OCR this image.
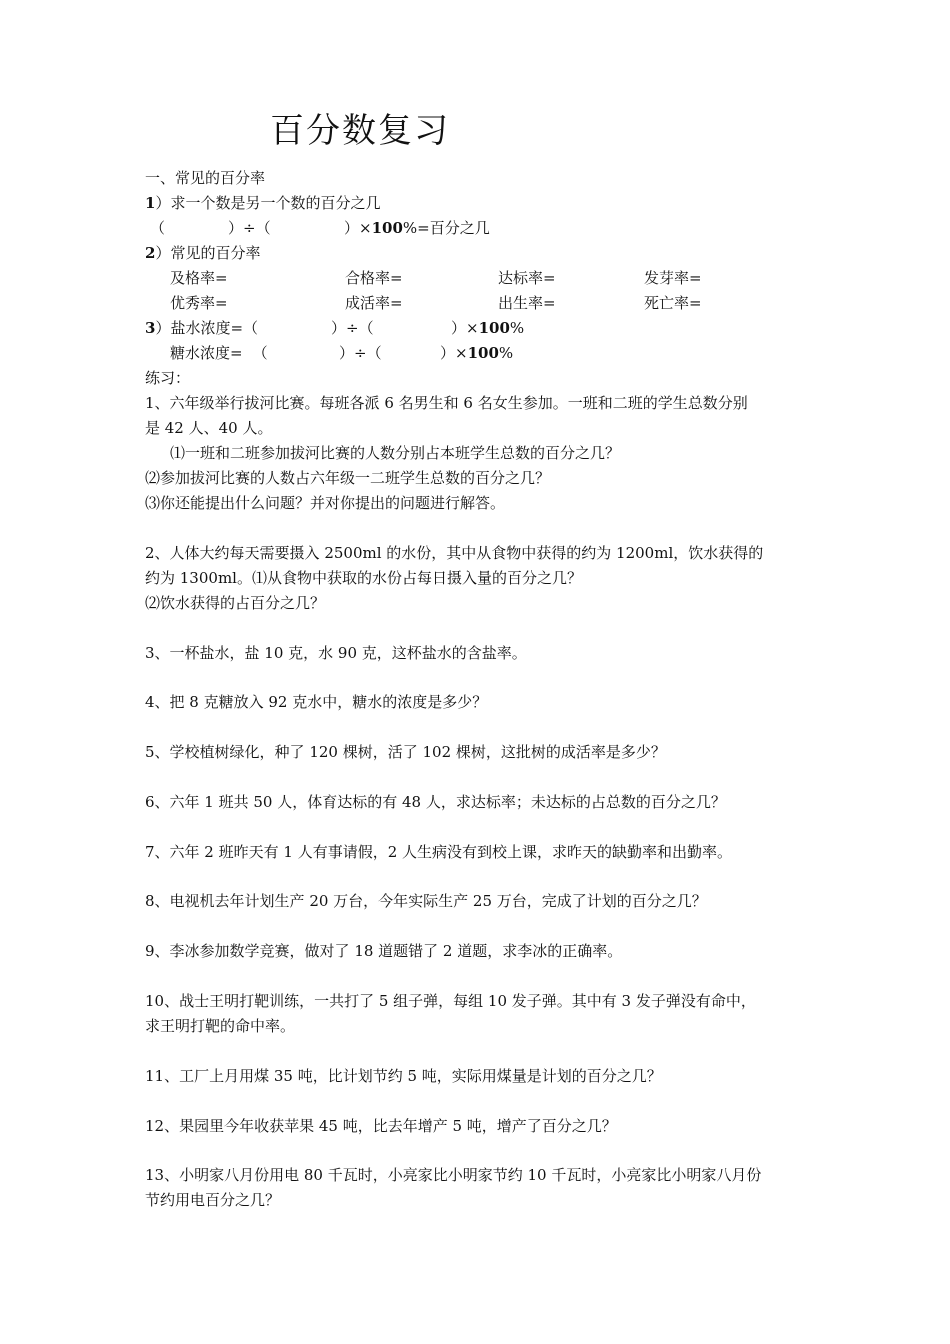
百分数复习
一、常见的百分率
1）求一个数是另一个数的百分之几
（	）÷（	）×100%=百分之几
2）常见的百分率
及格率=	合格率=	达标率=	发芽率=
优秀率=	成活率=	出生率=	死亡率=
3）盐水浓度=（	）÷（	）×100%
糖水浓度= （	）÷（	）×100%
练习：
1、六年级举行拔河比赛。每班各派 6 名男生和 6 名女生参加。一班和二班的学生总数分别
是 42 人、40 人。
⑴一班和二班参加拔河比赛的人数分别占本班学生总数的百分之几？
⑵参加拔河比赛的人数占六年级一二班学生总数的百分之几？
⑶你还能提出什么问题？并对你提出的问题进行解答。
2、人体大约每天需要摄入 2500ml 的水份，其中从食物中获得的约为 1200ml，饮水获得的
约为 1300ml。⑴从食物中获取的水份占每日摄入量的百分之几？
⑵饮水获得的占百分之几？
3、一杯盐水，盐 10 克，水 90 克，这杯盐水的含盐率。
4、把 8 克糖放入 92 克水中，糖水的浓度是多少？
5、学校植树绿化，种了 120 棵树，活了 102 棵树，这批树的成活率是多少？
6、六年 1 班共 50 人，体育达标的有 48 人，求达标率；未达标的占总数的百分之几？
7、六年 2 班昨天有 1 人有事请假，2 人生病没有到校上课，求昨天的缺勤率和出勤率。
8、电视机去年计划生产 20 万台，今年实际生产 25 万台，完成了计划的百分之几？
9、李冰参加数学竞赛，做对了 18 道题错了 2 道题，求李冰的正确率。
10、战士王明打靶训练，一共打了 5 组子弹，每组 10 发子弹。其中有 3 发子弹没有命中，
求王明打靶的命中率。
11、工厂上月用煤 35 吨，比计划节约 5 吨，实际用煤量是计划的百分之几？
12、果园里今年收获苹果 45 吨，比去年增产 5 吨，增产了百分之几？
13、小明家八月份用电 80 千瓦时，小亮家比小明家节约 10 千瓦时，小亮家比小明家八月份
节约用电百分之几？
